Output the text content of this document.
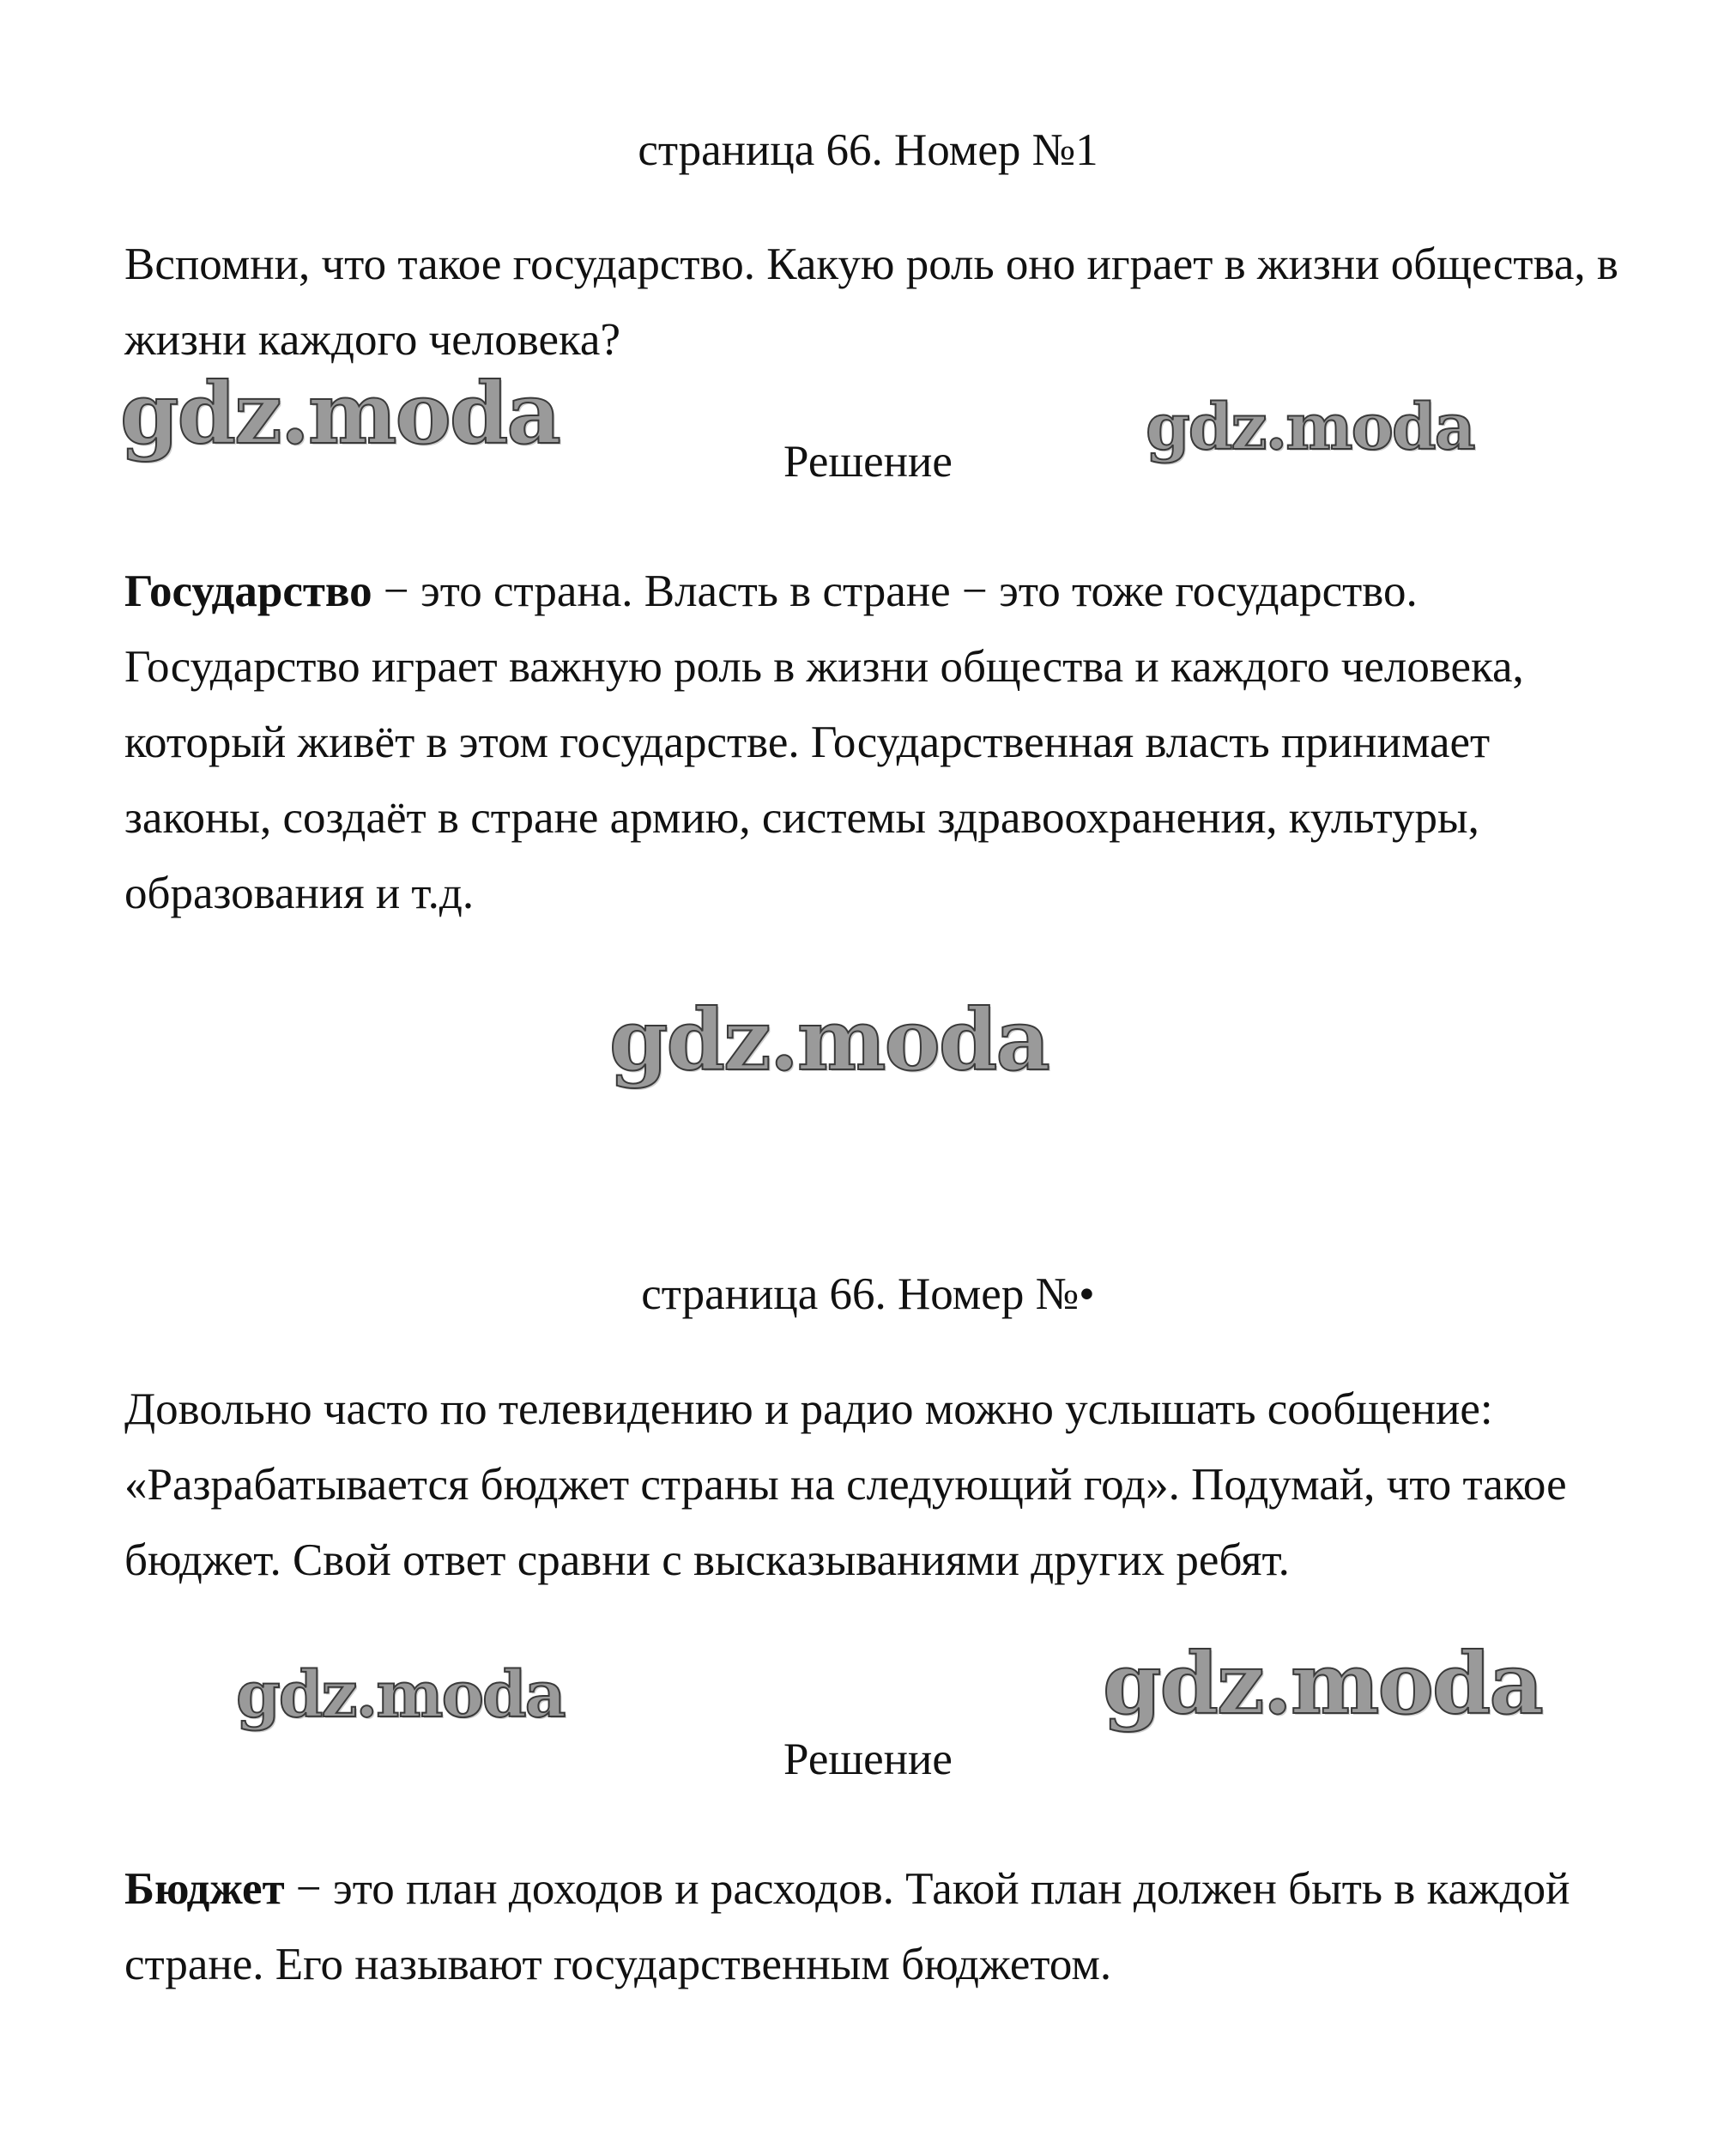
страница 66. Номер №1

Вспомни, что такое государство. Какую роль оно играет в жизни общества, в жизни каждого человека?

gdz.moda	Решение	gdz.moda

Государство − это страна. Власть в стране − это тоже государство. Государство играет важную роль в жизни общества и каждого человека, который живёт в этом государстве. Государственная власть принимает законы, создаёт в стране армию, системы здравоохранения, культуры, образования и т.д.

gdz.moda
страница 66. Номер №•

Довольно часто по телевидению и радио можно услышать сообщение: «Разрабатывается бюджет страны на следующий год». Подумай, что такое бюджет. Свой ответ сравни с высказываниями других ребят.

gdz.moda	gdz.moda
Решение

Бюджет − это план доходов и расходов. Такой план должен быть в каждой стране. Его называют государственным бюджетом.
